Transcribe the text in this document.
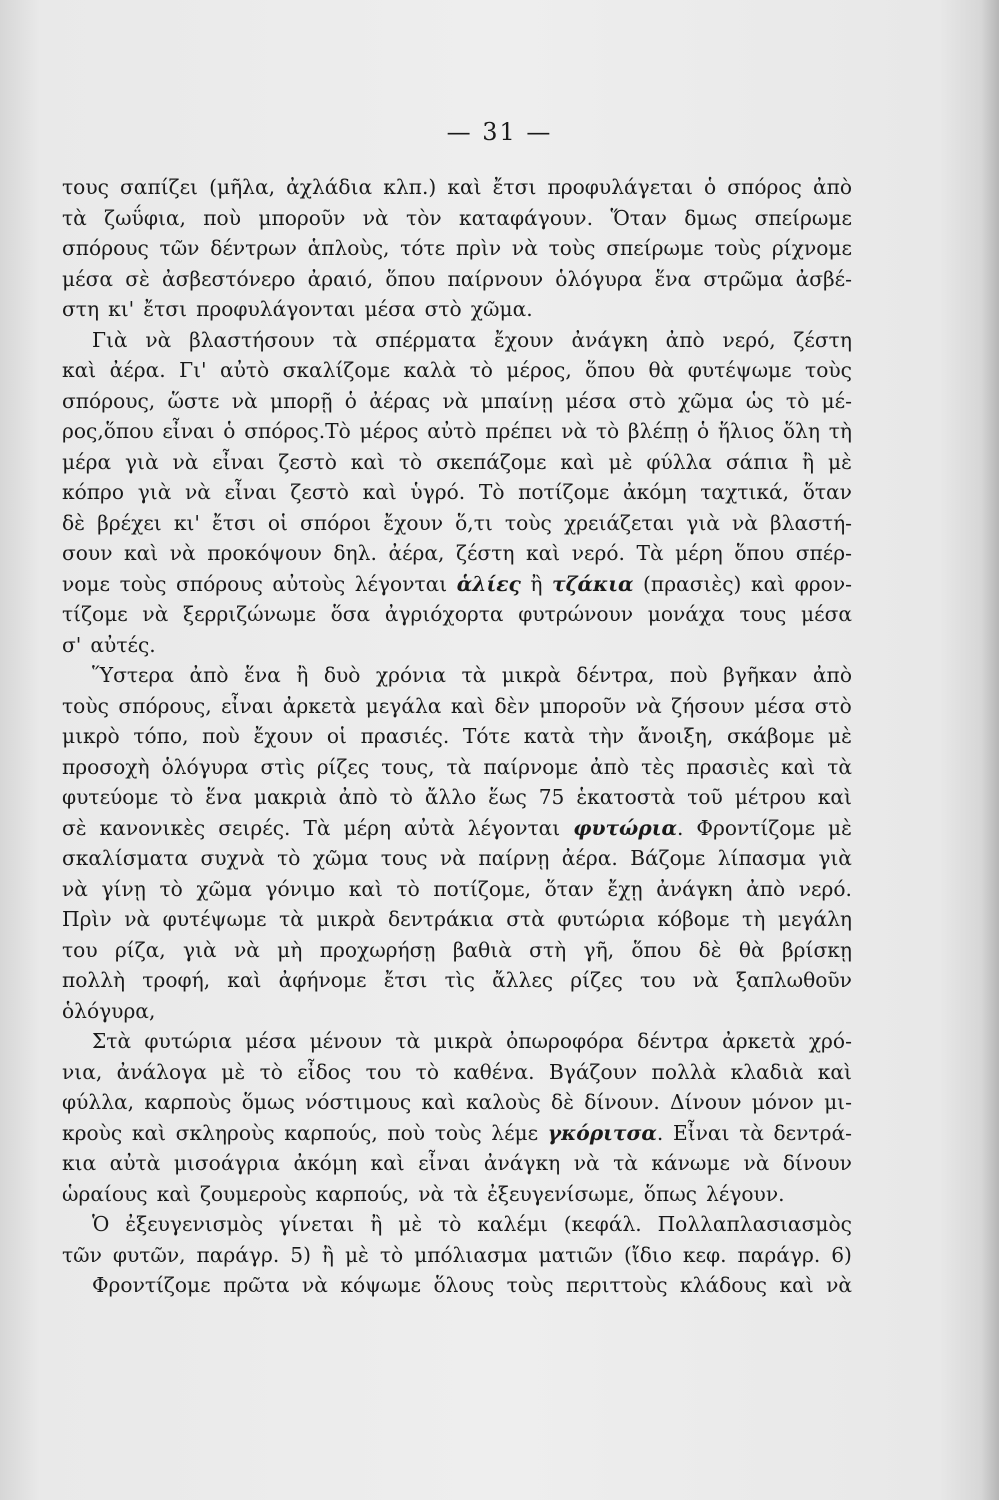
— 31 —
τους σαπίζει (μῆλα, ἀχλάδια κλπ.) καὶ ἔτσι προφυλάγεται ὁ σπόρος ἀπὸ
τὰ ζωΰφια, ποὺ μποροῦν νὰ τὸν καταφάγουν. Ὅταν δμως σπείρωμε
σπόρους τῶν δέντρων ἁπλοὺς, τότε πρὶν νὰ τοὺς σπείρωμε τοὺς ρίχνομε
μέσα σὲ ἀσβεστόνερο ἀραιό, ὅπου παίρνουν ὁλόγυρα ἕνα στρῶμα ἀσβέ-
στη κι' ἔτσι προφυλάγονται μέσα στὸ χῶμα.
Γιὰ νὰ βλαστήσουν τὰ σπέρματα ἔχουν ἀνάγκη ἀπὸ νερό, ζέστη
καὶ ἀέρα. Γι' αὐτὸ σκαλίζομε καλὰ τὸ μέρος, ὅπου θὰ φυτέψωμε τοὺς
σπόρους, ὥστε νὰ μπορῇ ὁ ἀέρας νὰ μπαίνῃ μέσα στὸ χῶμα ὡς τὸ μέ-
ρος,ὅπου εἶναι ὁ σπόρος.Τὸ μέρος αὐτὸ πρέπει νὰ τὸ βλέπῃ ὁ ἥλιος ὅλη τὴ
μέρα γιὰ νὰ εἶναι ζεστὸ καὶ τὸ σκεπάζομε καὶ μὲ φύλλα σάπια ἢ μὲ
κόπρο γιὰ νὰ εἶναι ζεστὸ καὶ ὑγρό. Τὸ ποτίζομε ἀκόμη ταχτικά, ὅταν
δὲ βρέχει κι' ἔτσι οἱ σπόροι ἔχουν ὅ,τι τοὺς χρειάζεται γιὰ νὰ βλαστή-
σουν καὶ νὰ προκόψουν δηλ. ἀέρα, ζέστη καὶ νερό. Τὰ μέρη ὅπου σπέρ-
νομε τοὺς σπόρους αὐτοὺς λέγονται ἁλίες ἢ τζάκια (πρασιὲς) καὶ φρον-
τίζομε νὰ ξερριζώνωμε ὅσα ἀγριόχορτα φυτρώνουν μονάχα τους μέσα
σ' αὐτές.
Ὕστερα ἀπὸ ἕνα ἢ δυὸ χρόνια τὰ μικρὰ δέντρα, ποὺ βγῆκαν ἀπὸ
τοὺς σπόρους, εἶναι ἀρκετὰ μεγάλα καὶ δὲν μποροῦν νὰ ζήσουν μέσα στὸ
μικρὸ τόπο, ποὺ ἔχουν οἱ πρασιές. Τότε κατὰ τὴν ἄνοιξη, σκάβομε μὲ
προσοχὴ ὁλόγυρα στὶς ρίζες τους, τὰ παίρνομε ἀπὸ τὲς πρασιὲς καὶ τὰ
φυτεύομε τὸ ἕνα μακριὰ ἀπὸ τὸ ἄλλο ἕως 75 ἑκατοστὰ τοῦ μέτρου καὶ
σὲ κανονικὲς σειρές. Τὰ μέρη αὐτὰ λέγονται φυτώρια. Φροντίζομε μὲ
σκαλίσματα συχνὰ τὸ χῶμα τους νὰ παίρνῃ ἀέρα. Βάζομε λίπασμα γιὰ
νὰ γίνῃ τὸ χῶμα γόνιμο καὶ τὸ ποτίζομε, ὅταν ἔχῃ ἀνάγκη ἀπὸ νερό.
Πρὶν νὰ φυτέψωμε τὰ μικρὰ δεντράκια στὰ φυτώρια κόβομε τὴ μεγάλη
του ρίζα, γιὰ νὰ μὴ προχωρήσῃ βαθιὰ στὴ γῆ, ὅπου δὲ θὰ βρίσκῃ
πολλὴ τροφή, καὶ ἀφήνομε ἔτσι τὶς ἄλλες ρίζες του νὰ ξαπλωθοῦν
ὁλόγυρα,
Στὰ φυτώρια μέσα μένουν τὰ μικρὰ ὀπωροφόρα δέντρα ἀρκετὰ χρό-
νια, ἀνάλογα μὲ τὸ εἶδος του τὸ καθένα. Βγάζουν πολλὰ κλαδιὰ καὶ
φύλλα, καρποὺς ὅμως νόστιμους καὶ καλοὺς δὲ δίνουν. Δίνουν μόνον μι-
κροὺς καὶ σκληροὺς καρπούς, ποὺ τοὺς λέμε γκόριτσα. Εἶναι τὰ δεντρά-
κια αὐτὰ μισοάγρια ἀκόμη καὶ εἶναι ἀνάγκη νὰ τὰ κάνωμε νὰ δίνουν
ὡραίους καὶ ζουμεροὺς καρπούς, νὰ τὰ ἐξευγενίσωμε, ὅπως λέγουν.
Ὁ ἐξευγενισμὸς γίνεται ἢ μὲ τὸ καλέμι (κεφάλ. Πολλαπλασιασμὸς
τῶν φυτῶν, παράγρ. 5) ἢ μὲ τὸ μπόλιασμα ματιῶν (ἴδιο κεφ. παράγρ. 6)
Φροντίζομε πρῶτα νὰ κόψωμε ὅλους τοὺς περιττοὺς κλάδους καὶ νὰ
